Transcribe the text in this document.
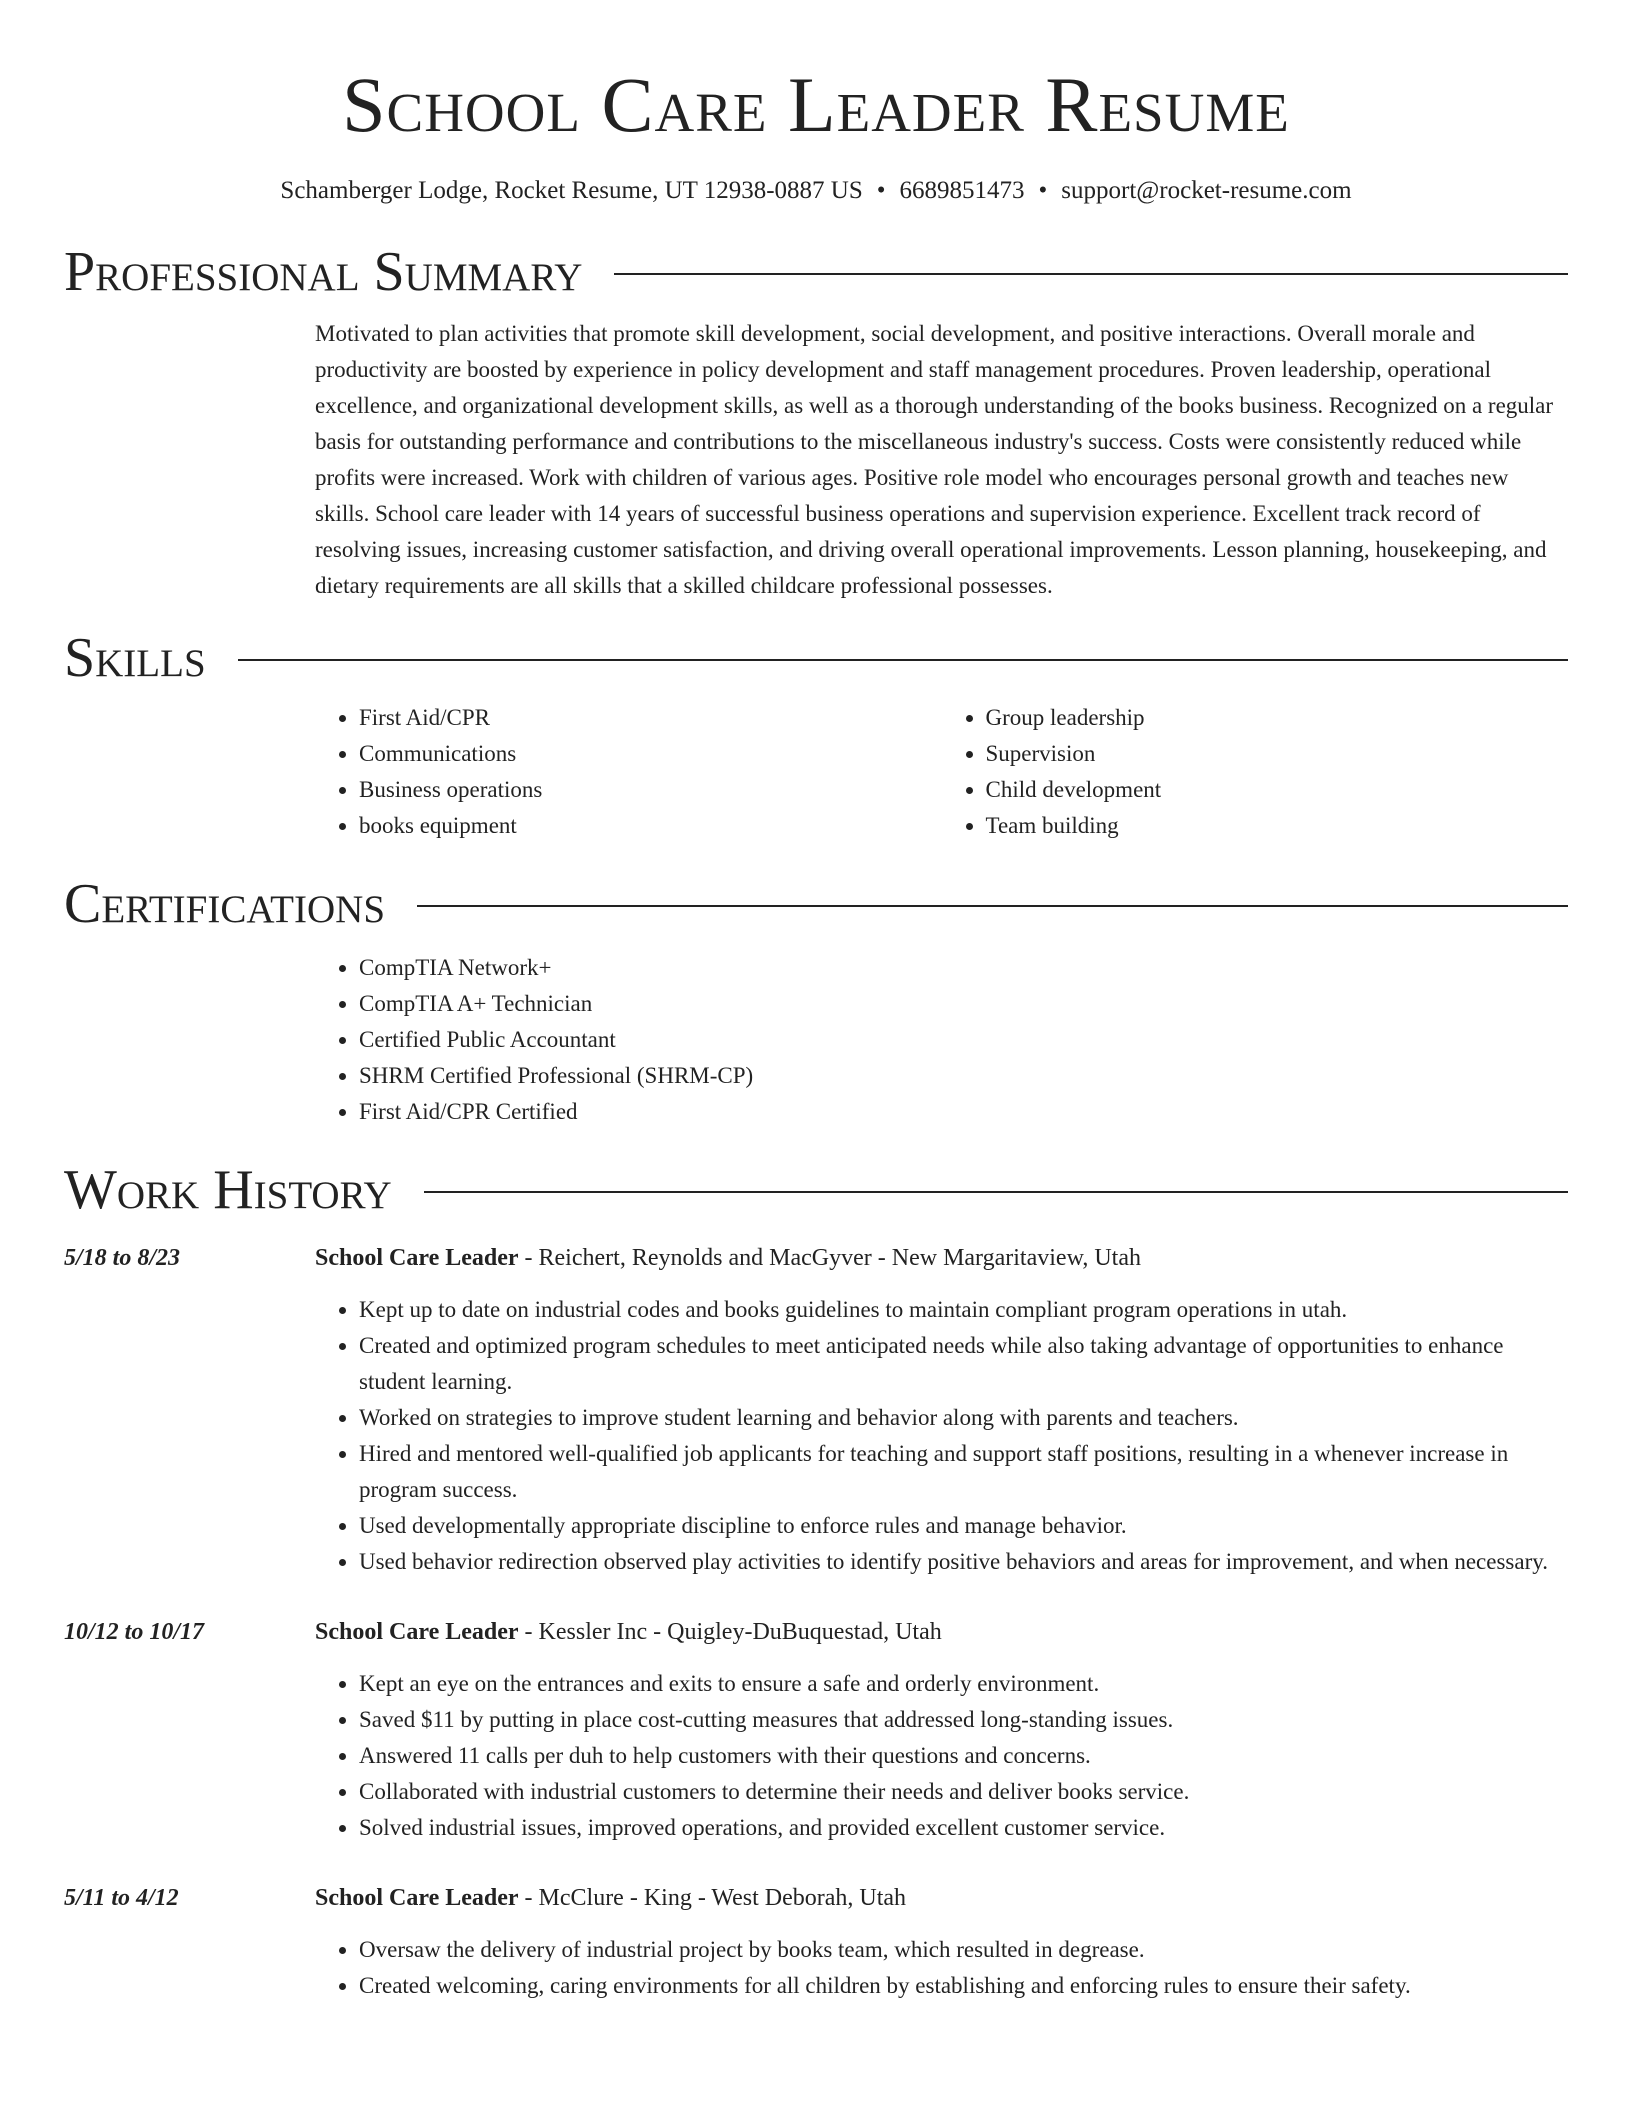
School Care Leader Resume
Schamberger Lodge, Rocket Resume, UT 12938-0887 US • 6689851473 • support@rocket-resume.com
Professional Summary
Motivated to plan activities that promote skill development, social development, and positive interactions. Overall morale and productivity are boosted by experience in policy development and staff management procedures. Proven leadership, operational excellence, and organizational development skills, as well as a thorough understanding of the books business. Recognized on a regular basis for outstanding performance and contributions to the miscellaneous industry's success. Costs were consistently reduced while profits were increased. Work with children of various ages. Positive role model who encourages personal growth and teaches new skills. School care leader with 14 years of successful business operations and supervision experience. Excellent track record of resolving issues, increasing customer satisfaction, and driving overall operational improvements. Lesson planning, housekeeping, and dietary requirements are all skills that a skilled childcare professional possesses.
Skills
• First Aid/CPR
• Communications
• Business operations
• books equipment
• Group leadership
• Supervision
• Child development
• Team building
Certifications
• CompTIA Network+
• CompTIA A+ Technician
• Certified Public Accountant
• SHRM Certified Professional (SHRM-CP)
• First Aid/CPR Certified
Work History
5/18 to 8/23	School Care Leader - Reichert, Reynolds and MacGyver - New Margaritaview, Utah
• Kept up to date on industrial codes and books guidelines to maintain compliant program operations in utah.
• Created and optimized program schedules to meet anticipated needs while also taking advantage of opportunities to enhance student learning.
• Worked on strategies to improve student learning and behavior along with parents and teachers.
• Hired and mentored well-qualified job applicants for teaching and support staff positions, resulting in a whenever increase in program success.
• Used developmentally appropriate discipline to enforce rules and manage behavior.
• Used behavior redirection observed play activities to identify positive behaviors and areas for improvement, and when necessary.
10/12 to 10/17	School Care Leader - Kessler Inc - Quigley-DuBuquestad, Utah
• Kept an eye on the entrances and exits to ensure a safe and orderly environment.
• Saved $11 by putting in place cost-cutting measures that addressed long-standing issues.
• Answered 11 calls per duh to help customers with their questions and concerns.
• Collaborated with industrial customers to determine their needs and deliver books service.
• Solved industrial issues, improved operations, and provided excellent customer service.
5/11 to 4/12	School Care Leader - McClure - King - West Deborah, Utah
• Oversaw the delivery of industrial project by books team, which resulted in degrease.
• Created welcoming, caring environments for all children by establishing and enforcing rules to ensure their safety.
